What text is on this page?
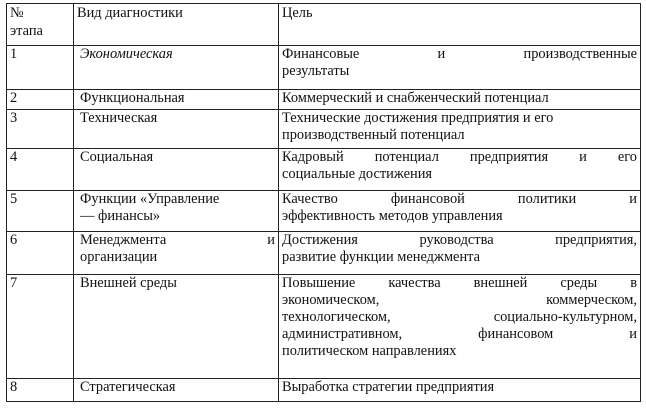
№
этапа	Вид диагностики	Цель

1	Экономическая	Финансовые и производственные
результаты

2	Функциональная	Коммерческий и снабженческий потенциал

3	Техническая	Технические достижения предприятия и его
производственный потенциал

4	Социальная	Кадровый потенциал предприятия и его
социальные достижения

5	Функции «Управление
— финансы»	Качество финансовой политики и
эффективность методов управления

6	Менеджмента и
организации	Достижения руководства предприятия,
развитие функции менеджмента

7	Внешней среды	Повышение качества внешней среды в
экономическом, коммерческом,
технологическом, социально-культурном,
административном, финансовом и
политическом направлениях

8	Стратегическая	Выработка стратегии предприятия
